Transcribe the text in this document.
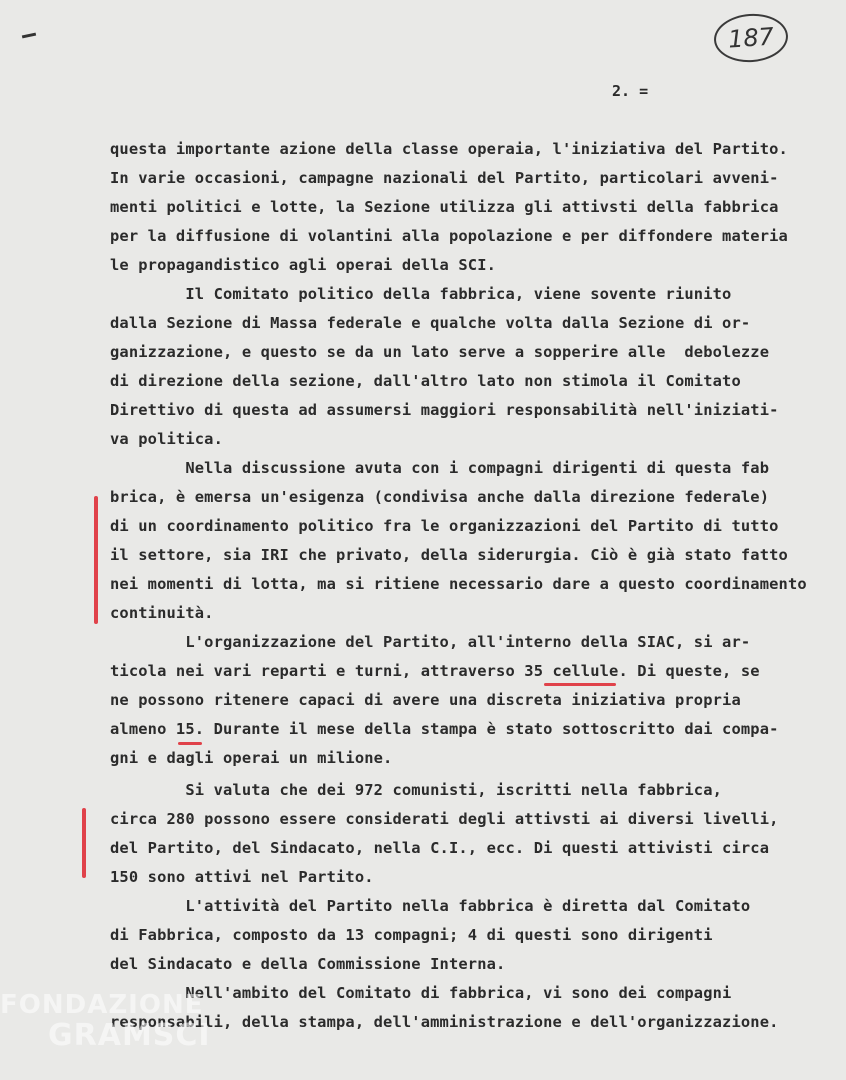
187
2. =
questa importante azione della classe operaia, l'iniziativa del Partito.
In varie occasioni, campagne nazionali del Partito, particolari avveni-
menti politici e lotte, la Sezione utilizza gli attivsti della fabbrica
per la diffusione di volantini alla popolazione e per diffondere materia
le propagandistico agli operai della SCI.
Il Comitato politico della fabbrica, viene sovente riunito
dalla Sezione di Massa federale e qualche volta dalla Sezione di or-
ganizzazione, e questo se da un lato serve a sopperire alle  debolezze
di direzione della sezione, dall'altro lato non stimola il Comitato
Direttivo di questa ad assumersi maggiori responsabilità nell'iniziati-
va politica.
Nella discussione avuta con i compagni dirigenti di questa fab
brica, è emersa un'esigenza (condivisa anche dalla direzione federale)
di un coordinamento politico fra le organizzazioni del Partito di tutto
il settore, sia IRI che privato, della siderurgia. Ciò è già stato fatto
nei momenti di lotta, ma si ritiene necessario dare a questo coordinamento
continuità.
L'organizzazione del Partito, all'interno della SIAC, si ar-
ticola nei vari reparti e turni, attraverso 35 cellule. Di queste, se
ne possono ritenere capaci di avere una discreta iniziativa propria
almeno 15. Durante il mese della stampa è stato sottoscritto dai compa-
gni e dagli operai un milione.
Si valuta che dei 972 comunisti, iscritti nella fabbrica,
circa 280 possono essere considerati degli attivsti ai diversi livelli,
del Partito, del Sindacato, nella C.I., ecc. Di questi attivisti circa
150 sono attivi nel Partito.
L'attività del Partito nella fabbrica è diretta dal Comitato
di Fabbrica, composto da 13 compagni; 4 di questi sono dirigenti
del Sindacato e della Commissione Interna.
Nell'ambito del Comitato di fabbrica, vi sono dei compagni
responsabili, della stampa, dell'amministrazione e dell'organizzazione.
FONDAZIONE
GRAMSCI
